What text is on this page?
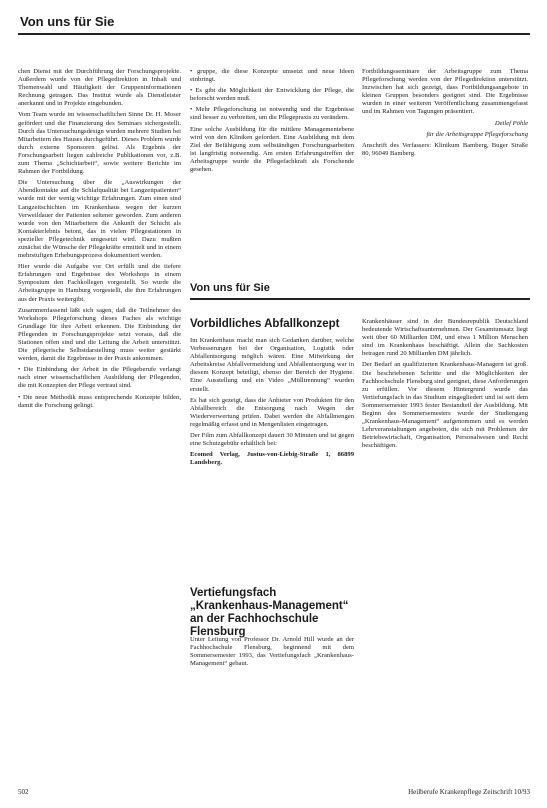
Von uns für Sie

chen Dienst mit der Durchführung der Forschungsprojekte. Außerdem wurde von der Pflegedirektion in Inhalt und Themenwahl und Häufigkeit der Gruppeninformationen Rechnung getragen. Das Institut wurde als Dienstleister anerkannt und in Projekte eingebunden.

Vom Team wurde im wissenschaftlichen Sinne Dr. H. Moser gefördert und die Finanzierung des Seminars sichergestellt. Durch das Untersuchungsdesign wurden mehrere Studien bei Mitarbeitern des Hauses durchgeführt. Dieses Problem wurde durch externe Sponsoren gelöst. Als Ergebnis der Forschungsarbeit liegen zahlreiche Publikationen vor, z.B. zum Thema „Schichtarbeit“, sowie weitere Berichte im Rahmen der Fortbildung.

Die Untersuchung über die „Auswirkungen der Abendkontakte auf die Schlafqualität bei Langzeitpatienten“ wurde mit der wenig wichtige Erfahrungen. Zum einen sind Langzeitschichten im Krankenhaus wegen der kurzen Verweildauer der Patienten seltener geworden. Zum anderen wurde von den Mitarbeitern die Ankunft der Schicht als Kontakterlebnis betont, das in vielen Pflegestationen in spezieller Pflegetechnik umgesetzt wird. Dazu mußten zunächst die Wünsche der Pflegekräfte ermittelt und in einem mehrstufigen Erhebungsprozess dokumentiert werden.

Hier wurde die Aufgabe vor Ort erfüllt und die tiefere Erfahrungen und Ergebnisse des Workshops in einem Symposium den Fachkollegen vorgestellt. So wurde die Arbeitsgruppe in Hamburg vorgestellt, die ihre Erfahrungen aus der Praxis weitergibt.

Zusammenfassend läßt sich sagen, daß die Teilnehmer des Workshops Pflegeforschung dieses Faches als wichtige Grundlage für ihre Arbeit erkennen. Die Einbindung der Pflegenden in Forschungsprojekte setzt voraus, daß die Stationen offen sind und die Leitung die Arbeit unterstützt. Die pflegerische Selbstdarstellung muss weiter gestärkt werden, damit die Ergebnisse in der Praxis ankommen.

• Die Einbindung der Arbeit in die Pflegeberufe verlangt nach einer wissenschaftlichen Ausbildung der Pflegenden, die mit Konzepten der Pflege vertraut sind.

• Die neue Methodik muss entsprechende Konzepte bilden, damit die Forschung gelingt.

• gruppe, die diese Konzepte umsetzt und neue Ideen einbringt.

• Es gibt die Möglichkeit der Entwicklung der Pflege, die beforscht werden muß.

• Mehr Pflegeforschung ist notwendig und die Ergebnisse sind besser zu verbreiten, um die Pflegepraxis zu verändern.

Eine solche Ausbildung für die mittlere Managementebene wird von den Kliniken gefordert. Eine Ausbildung mit dem Ziel der Befähigung zum selbständigen Forschungsarbeiten ist langfristig notwendig. Am ersten Erfahrungstreffen der Arbeitsgruppe wurde die Pflegefachkraft als Forschende gesehen.

Fortbildungsseminare der Arbeitsgruppe zum Thema Pflegeforschung werden von der Pflegedirektion unterstützt. Inzwischen hat sich gezeigt, dass Fortbildungsangebote in kleinen Gruppen besonders geeignet sind. Die Ergebnisse wurden in einer weiteren Veröffentlichung zusammengefasst und im Rahmen von Tagungen präsentiert.

Detlef Pöhle

für die Arbeitsgruppe Pflegeforschung

Anschrift des Verfassers: Klinikum Bamberg, Buger Straße 80, 96049 Bamberg.

Von uns für Sie
Vorbildliches Abfallkonzept

Im Krankenhaus macht man sich Gedanken darüber, welche Verbesserungen bei der Organisation, Logistik oder Abfallentsorgung möglich wären. Eine Mitwirkung der Arbeitskreise Abfallvermeidung und Abfallentsorgung war in diesem Konzept beteiligt, ebenso der Bereich der Hygiene. Eine Ausstellung und ein Video „Mülltrennung“ wurden erstellt.

Es hat sich gezeigt, dass die Anbieter von Produkten für den Abfallbereich die Entsorgung nach Wegen der Wiederverwertung prüfen. Dabei werden die Abfallmengen regelmäßig erfasst und in Mengenlisten eingetragen.

Der Film zum Abfallkonzept dauert 30 Minuten und ist gegen eine Schutzgebühr erhältlich bei:

Ecomed Verlag, Justus-von-Liebig-Straße 1, 86899 Landsberg.

Vertiefungsfach „Krankenhaus-Management“ an der Fachhochschule Flensburg

Unter Leitung von Professor Dr. Arnold Hill wurde an der Fachhochschule Flensburg, beginnend mit dem Sommersemester 1993, das Vertiefungsfach „Krankenhaus-Management“ gebaut.

Krankenhäuser sind in der Bundesrepublik Deutschland bedeutende Wirtschaftsunternehmen. Der Gesamtumsatz liegt weit über 60 Milliarden DM, und etwa 1 Million Menschen sind im Krankenhaus beschäftigt. Allein die Sachkosten betragen rund 20 Milliarden DM jährlich.

Der Bedarf an qualifizierten Krankenhaus-Managern ist groß. Die beschriebenen Schritte und die Möglichkeiten der Fachhochschule Flensburg sind geeignet, diese Anforderungen zu erfüllen. Vor diesem Hintergrund wurde das Vertiefungsfach in das Studium eingegliedert und ist seit dem Sommersemester 1993 fester Bestandteil der Ausbildung. Mit Beginn des Sommersemesters wurde der Studiengang „Krankenhaus-Management“ aufgenommen und es werden Lehrveranstaltungen angeboten, die sich mit Problemen der Betriebswirtschaft, Organisation, Personalwesen und Recht beschäftigen.

502	Heilberufe Krankenpflege Zeitschrift 10/93
